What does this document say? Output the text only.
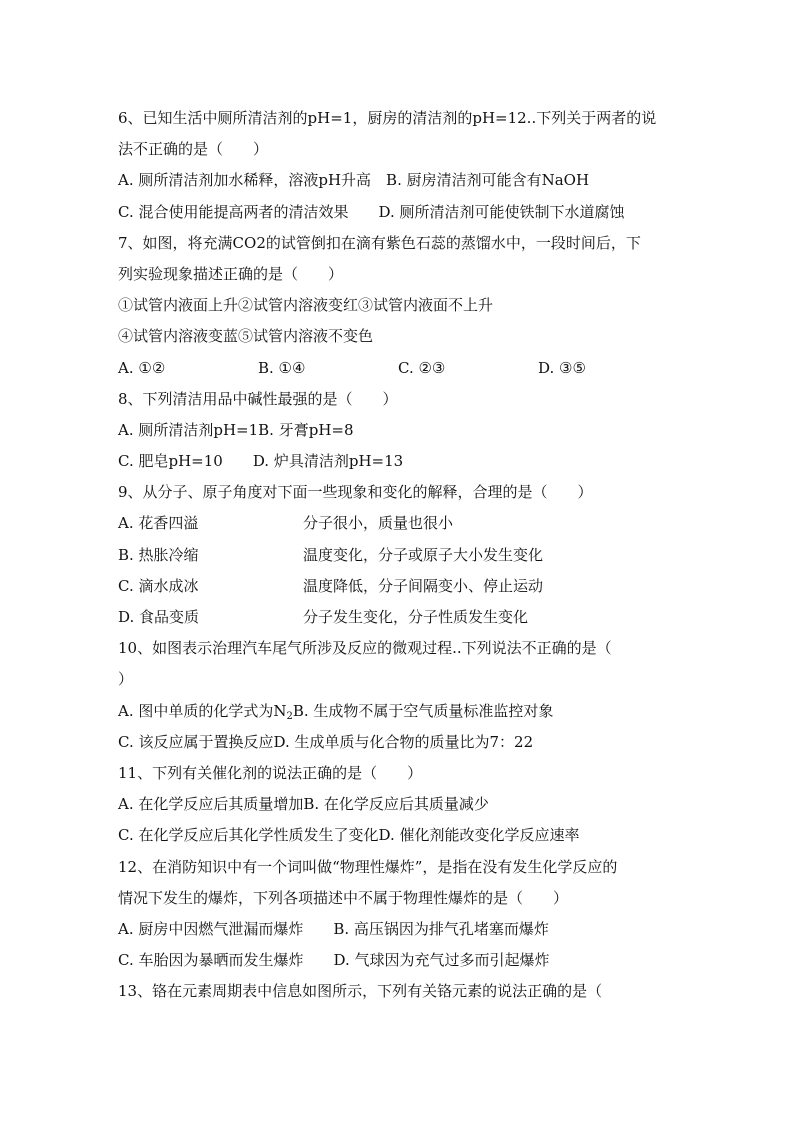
6、已知生活中厕所清洁剂的pH=1，厨房的清洁剂的pH=12..下列关于两者的说
法不正确的是（　　）
A. 厕所清洁剂加水稀释，溶液pH升高　B. 厨房清洁剂可能含有NaOH
C. 混合使用能提高两者的清洁效果　　D. 厕所清洁剂可能使铁制下水道腐蚀
7、如图，将充满CO2的试管倒扣在滴有紫色石蕊的蒸馏水中，一段时间后，下
列实验现象描述正确的是（　　）
①试管内液面上升②试管内溶液变红③试管内液面不上升
④试管内溶液变蓝⑤试管内溶液不变色
A. ①②	B. ①④	C. ②③	D. ③⑤
8、下列清洁用品中碱性最强的是（　　）
A. 厕所清洁剂pH=1B. 牙膏pH=8
C. 肥皂pH=10　　D. 炉具清洁剂pH=13
9、从分子、原子角度对下面一些现象和变化的解释，合理的是（　　）
A. 花香四溢	分子很小，质量也很小
B. 热胀冷缩	温度变化，分子或原子大小发生变化
C. 滴水成冰	温度降低，分子间隔变小、停止运动
D. 食品变质	分子发生变化，分子性质发生变化
10、如图表示治理汽车尾气所涉及反应的微观过程..下列说法不正确的是（
）
A. 图中单质的化学式为$N_2B$. 生成物不属于空气质量标准监控对象
C. 该反应属于置换反应D. 生成单质与化合物的质量比为7：22
11、下列有关催化剂的说法正确的是（　　）
A. 在化学反应后其质量增加B. 在化学反应后其质量减少
C. 在化学反应后其化学性质发生了变化D. 催化剂能改变化学反应速率
12、在消防知识中有一个词叫做“物理性爆炸”，是指在没有发生化学反应的
情况下发生的爆炸，下列各项描述中不属于物理性爆炸的是（　　）
A. 厨房中因燃气泄漏而爆炸　　B. 高压锅因为排气孔堵塞而爆炸
C. 车胎因为暴晒而发生爆炸　　D. 气球因为充气过多而引起爆炸
13、铬在元素周期表中信息如图所示，下列有关铬元素的说法正确的是（
